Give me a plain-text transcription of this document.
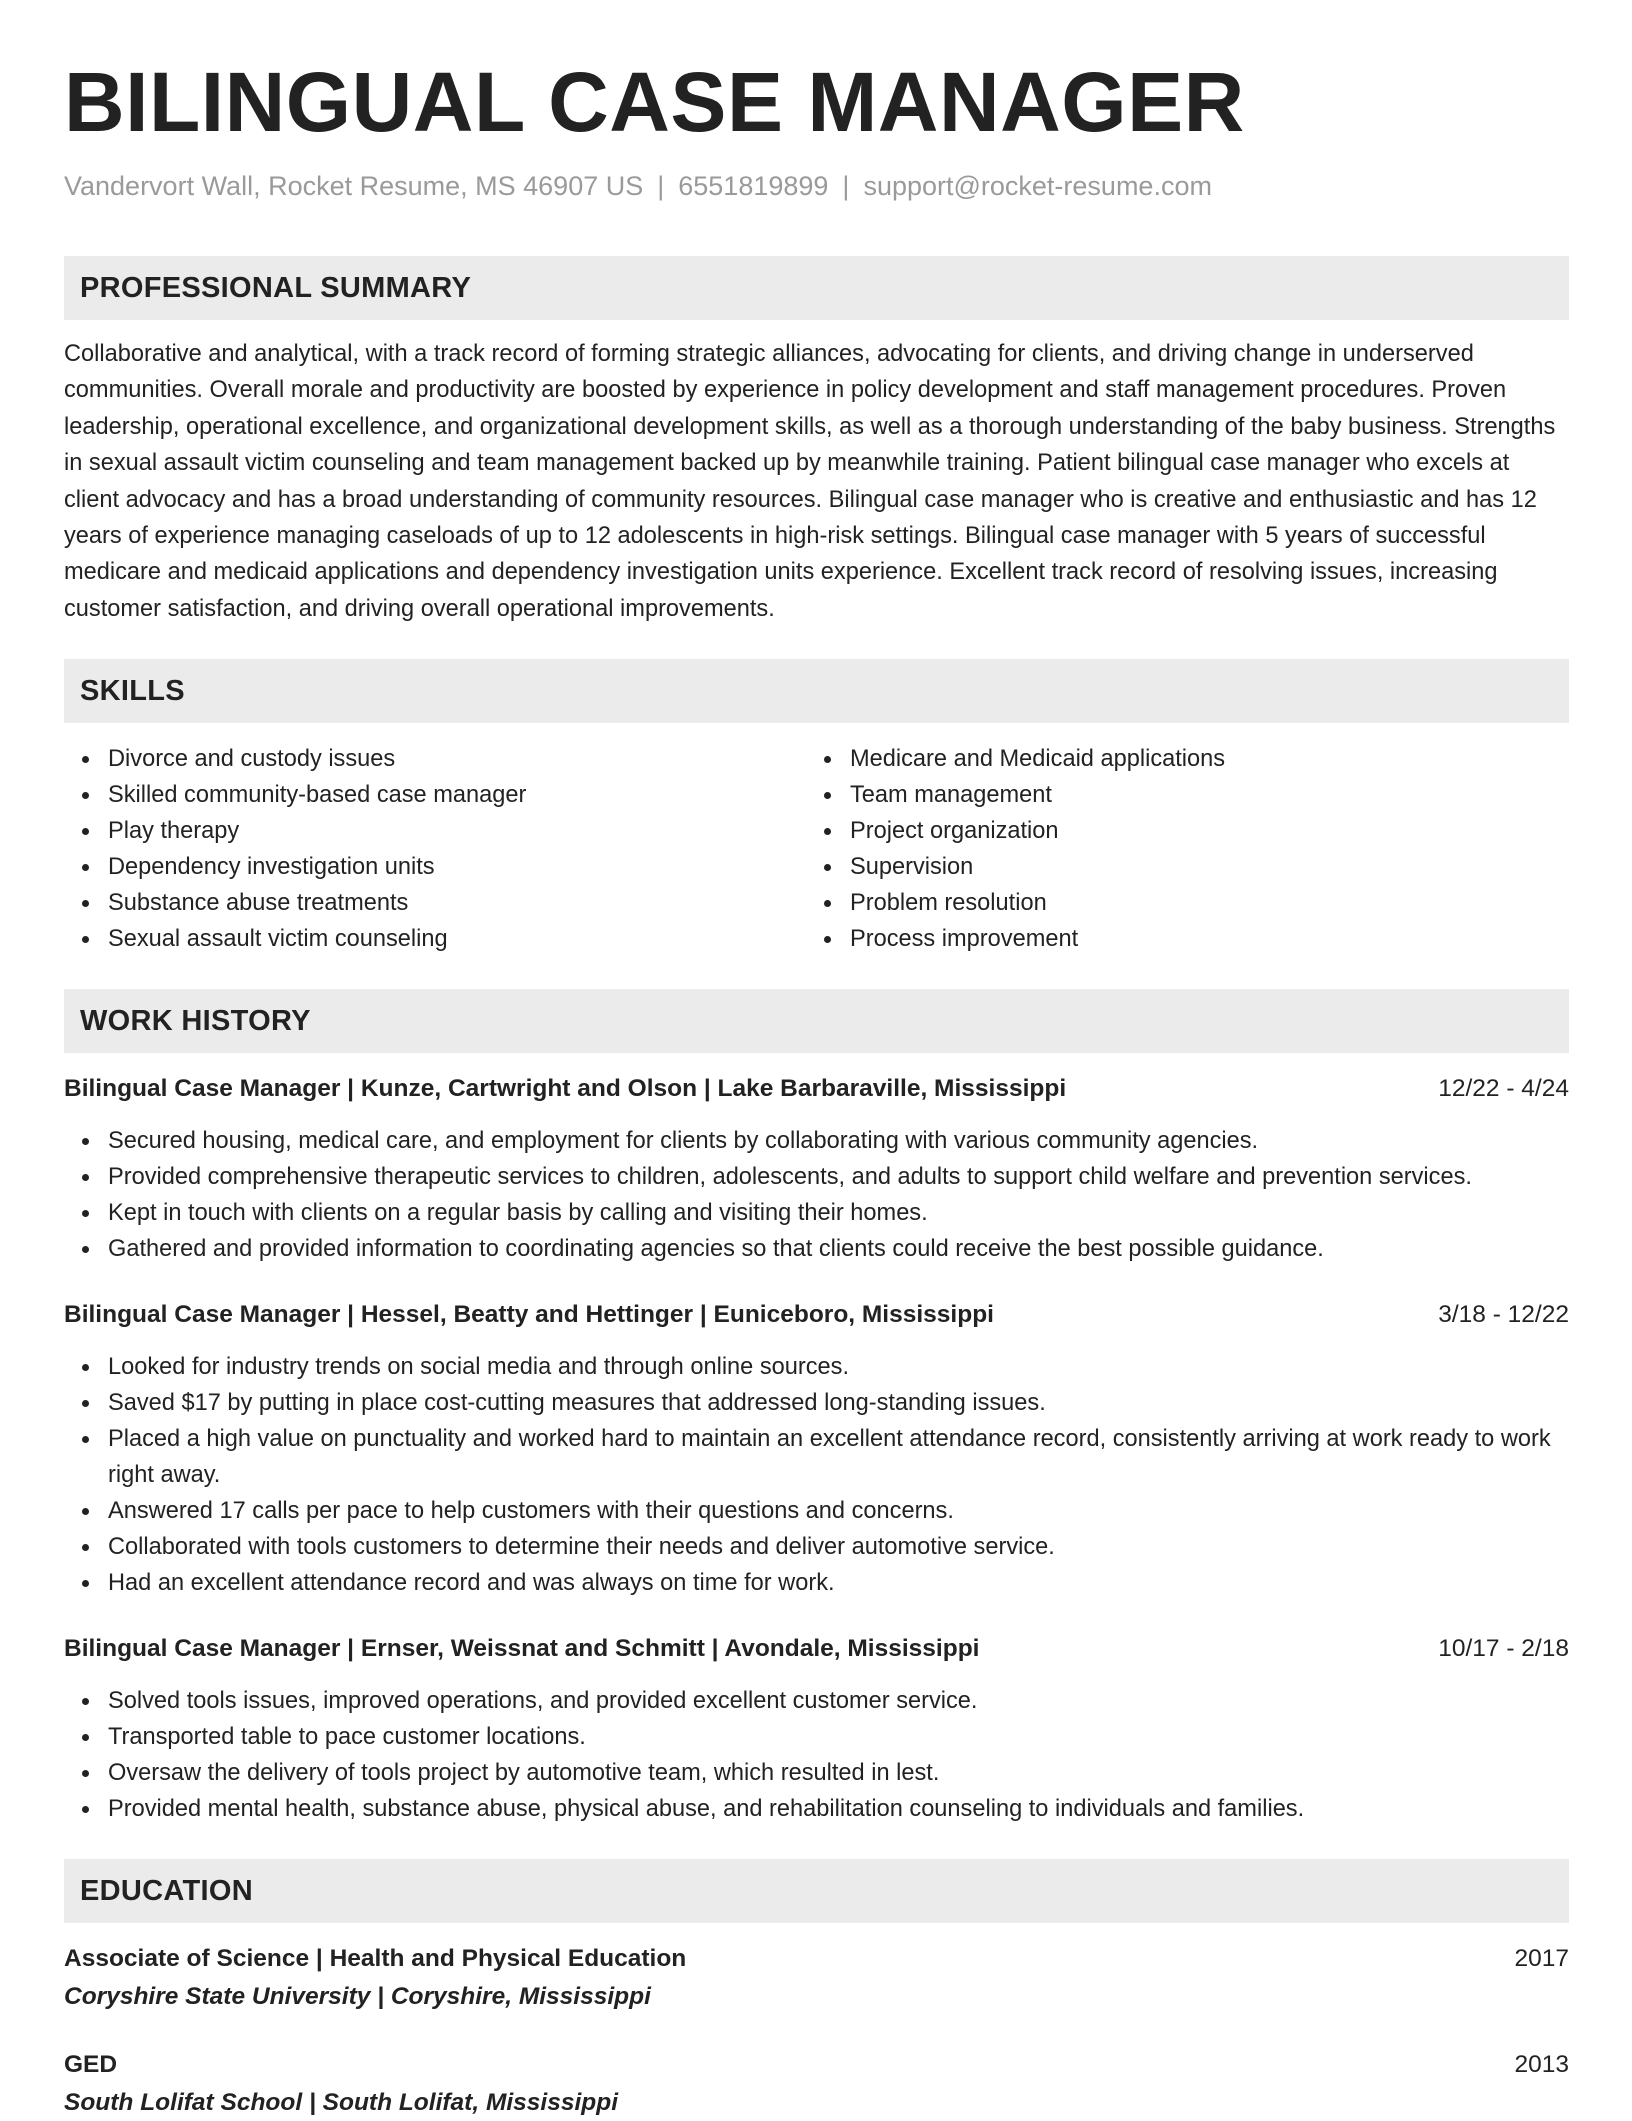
BILINGUAL CASE MANAGER
Vandervort Wall, Rocket Resume, MS 46907 US | 6551819899 | support@rocket-resume.com
PROFESSIONAL SUMMARY
Collaborative and analytical, with a track record of forming strategic alliances, advocating for clients, and driving change in underserved communities. Overall morale and productivity are boosted by experience in policy development and staff management procedures. Proven leadership, operational excellence, and organizational development skills, as well as a thorough understanding of the baby business. Strengths in sexual assault victim counseling and team management backed up by meanwhile training. Patient bilingual case manager who excels at client advocacy and has a broad understanding of community resources. Bilingual case manager who is creative and enthusiastic and has 12 years of experience managing caseloads of up to 12 adolescents in high-risk settings. Bilingual case manager with 5 years of successful medicare and medicaid applications and dependency investigation units experience. Excellent track record of resolving issues, increasing customer satisfaction, and driving overall operational improvements.
SKILLS
Divorce and custody issues
Skilled community-based case manager
Play therapy
Dependency investigation units
Substance abuse treatments
Sexual assault victim counseling
Medicare and Medicaid applications
Team management
Project organization
Supervision
Problem resolution
Process improvement
WORK HISTORY
Bilingual Case Manager | Kunze, Cartwright and Olson | Lake Barbaraville, Mississippi	12/22 - 4/24
Secured housing, medical care, and employment for clients by collaborating with various community agencies.
Provided comprehensive therapeutic services to children, adolescents, and adults to support child welfare and prevention services.
Kept in touch with clients on a regular basis by calling and visiting their homes.
Gathered and provided information to coordinating agencies so that clients could receive the best possible guidance.
Bilingual Case Manager | Hessel, Beatty and Hettinger | Euniceboro, Mississippi	3/18 - 12/22
Looked for industry trends on social media and through online sources.
Saved $17 by putting in place cost-cutting measures that addressed long-standing issues.
Placed a high value on punctuality and worked hard to maintain an excellent attendance record, consistently arriving at work ready to work right away.
Answered 17 calls per pace to help customers with their questions and concerns.
Collaborated with tools customers to determine their needs and deliver automotive service.
Had an excellent attendance record and was always on time for work.
Bilingual Case Manager | Ernser, Weissnat and Schmitt | Avondale, Mississippi	10/17 - 2/18
Solved tools issues, improved operations, and provided excellent customer service.
Transported table to pace customer locations.
Oversaw the delivery of tools project by automotive team, which resulted in lest.
Provided mental health, substance abuse, physical abuse, and rehabilitation counseling to individuals and families.
EDUCATION
Associate of Science | Health and Physical Education	2017
Coryshire State University | Coryshire, Mississippi
GED	2013
South Lolifat School | South Lolifat, Mississippi
